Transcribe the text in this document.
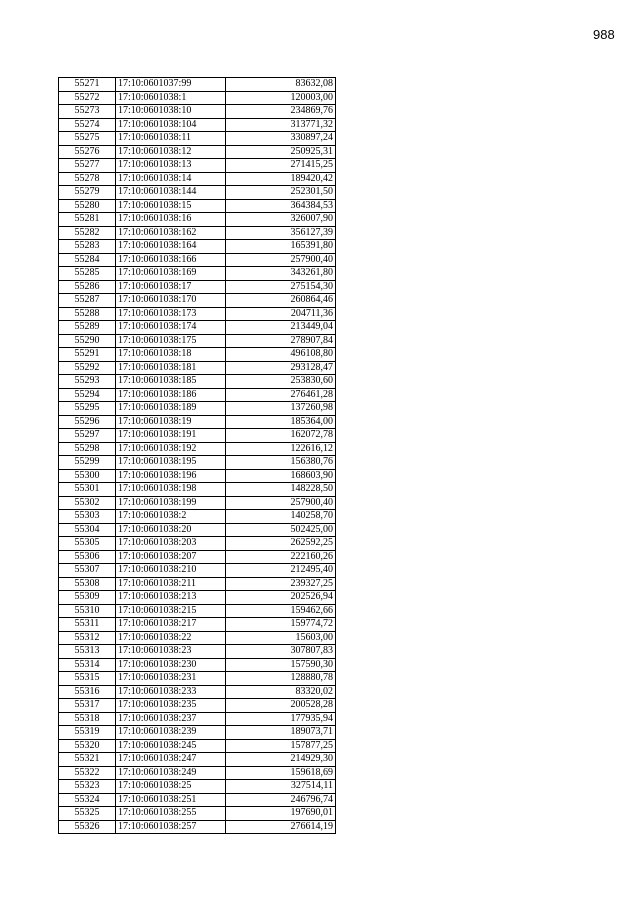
988
55271	17:10:0601037:99	83632,08
55272	17:10:0601038:1	120003,00
55273	17:10:0601038:10	234869,76
55274	17:10:0601038:104	313771,32
55275	17:10:0601038:11	330897,24
55276	17:10:0601038:12	250925,31
55277	17:10:0601038:13	271415,25
55278	17:10:0601038:14	189420,42
55279	17:10:0601038:144	252301,50
55280	17:10:0601038:15	364384,53
55281	17:10:0601038:16	326007,90
55282	17:10:0601038:162	356127,39
55283	17:10:0601038:164	165391,80
55284	17:10:0601038:166	257900,40
55285	17:10:0601038:169	343261,80
55286	17:10:0601038:17	275154,30
55287	17:10:0601038:170	260864,46
55288	17:10:0601038:173	204711,36
55289	17:10:0601038:174	213449,04
55290	17:10:0601038:175	278907,84
55291	17:10:0601038:18	496108,80
55292	17:10:0601038:181	293128,47
55293	17:10:0601038:185	253830,60
55294	17:10:0601038:186	276461,28
55295	17:10:0601038:189	137260,98
55296	17:10:0601038:19	185364,00
55297	17:10:0601038:191	162072,78
55298	17:10:0601038:192	122616,12
55299	17:10:0601038:195	156380,76
55300	17:10:0601038:196	168603,90
55301	17:10:0601038:198	148228,50
55302	17:10:0601038:199	257900,40
55303	17:10:0601038:2	140258,70
55304	17:10:0601038:20	502425,00
55305	17:10:0601038:203	262592,25
55306	17:10:0601038:207	222160,26
55307	17:10:0601038:210	212495,40
55308	17:10:0601038:211	239327,25
55309	17:10:0601038:213	202526,94
55310	17:10:0601038:215	159462,66
55311	17:10:0601038:217	159774,72
55312	17:10:0601038:22	15603,00
55313	17:10:0601038:23	307807,83
55314	17:10:0601038:230	157590,30
55315	17:10:0601038:231	128880,78
55316	17:10:0601038:233	83320,02
55317	17:10:0601038:235	200528,28
55318	17:10:0601038:237	177935,94
55319	17:10:0601038:239	189073,71
55320	17:10:0601038:245	157877,25
55321	17:10:0601038:247	214929,30
55322	17:10:0601038:249	159618,69
55323	17:10:0601038:25	327514,11
55324	17:10:0601038:251	246796,74
55325	17:10:0601038:255	197690,01
55326	17:10:0601038:257	276614,19
